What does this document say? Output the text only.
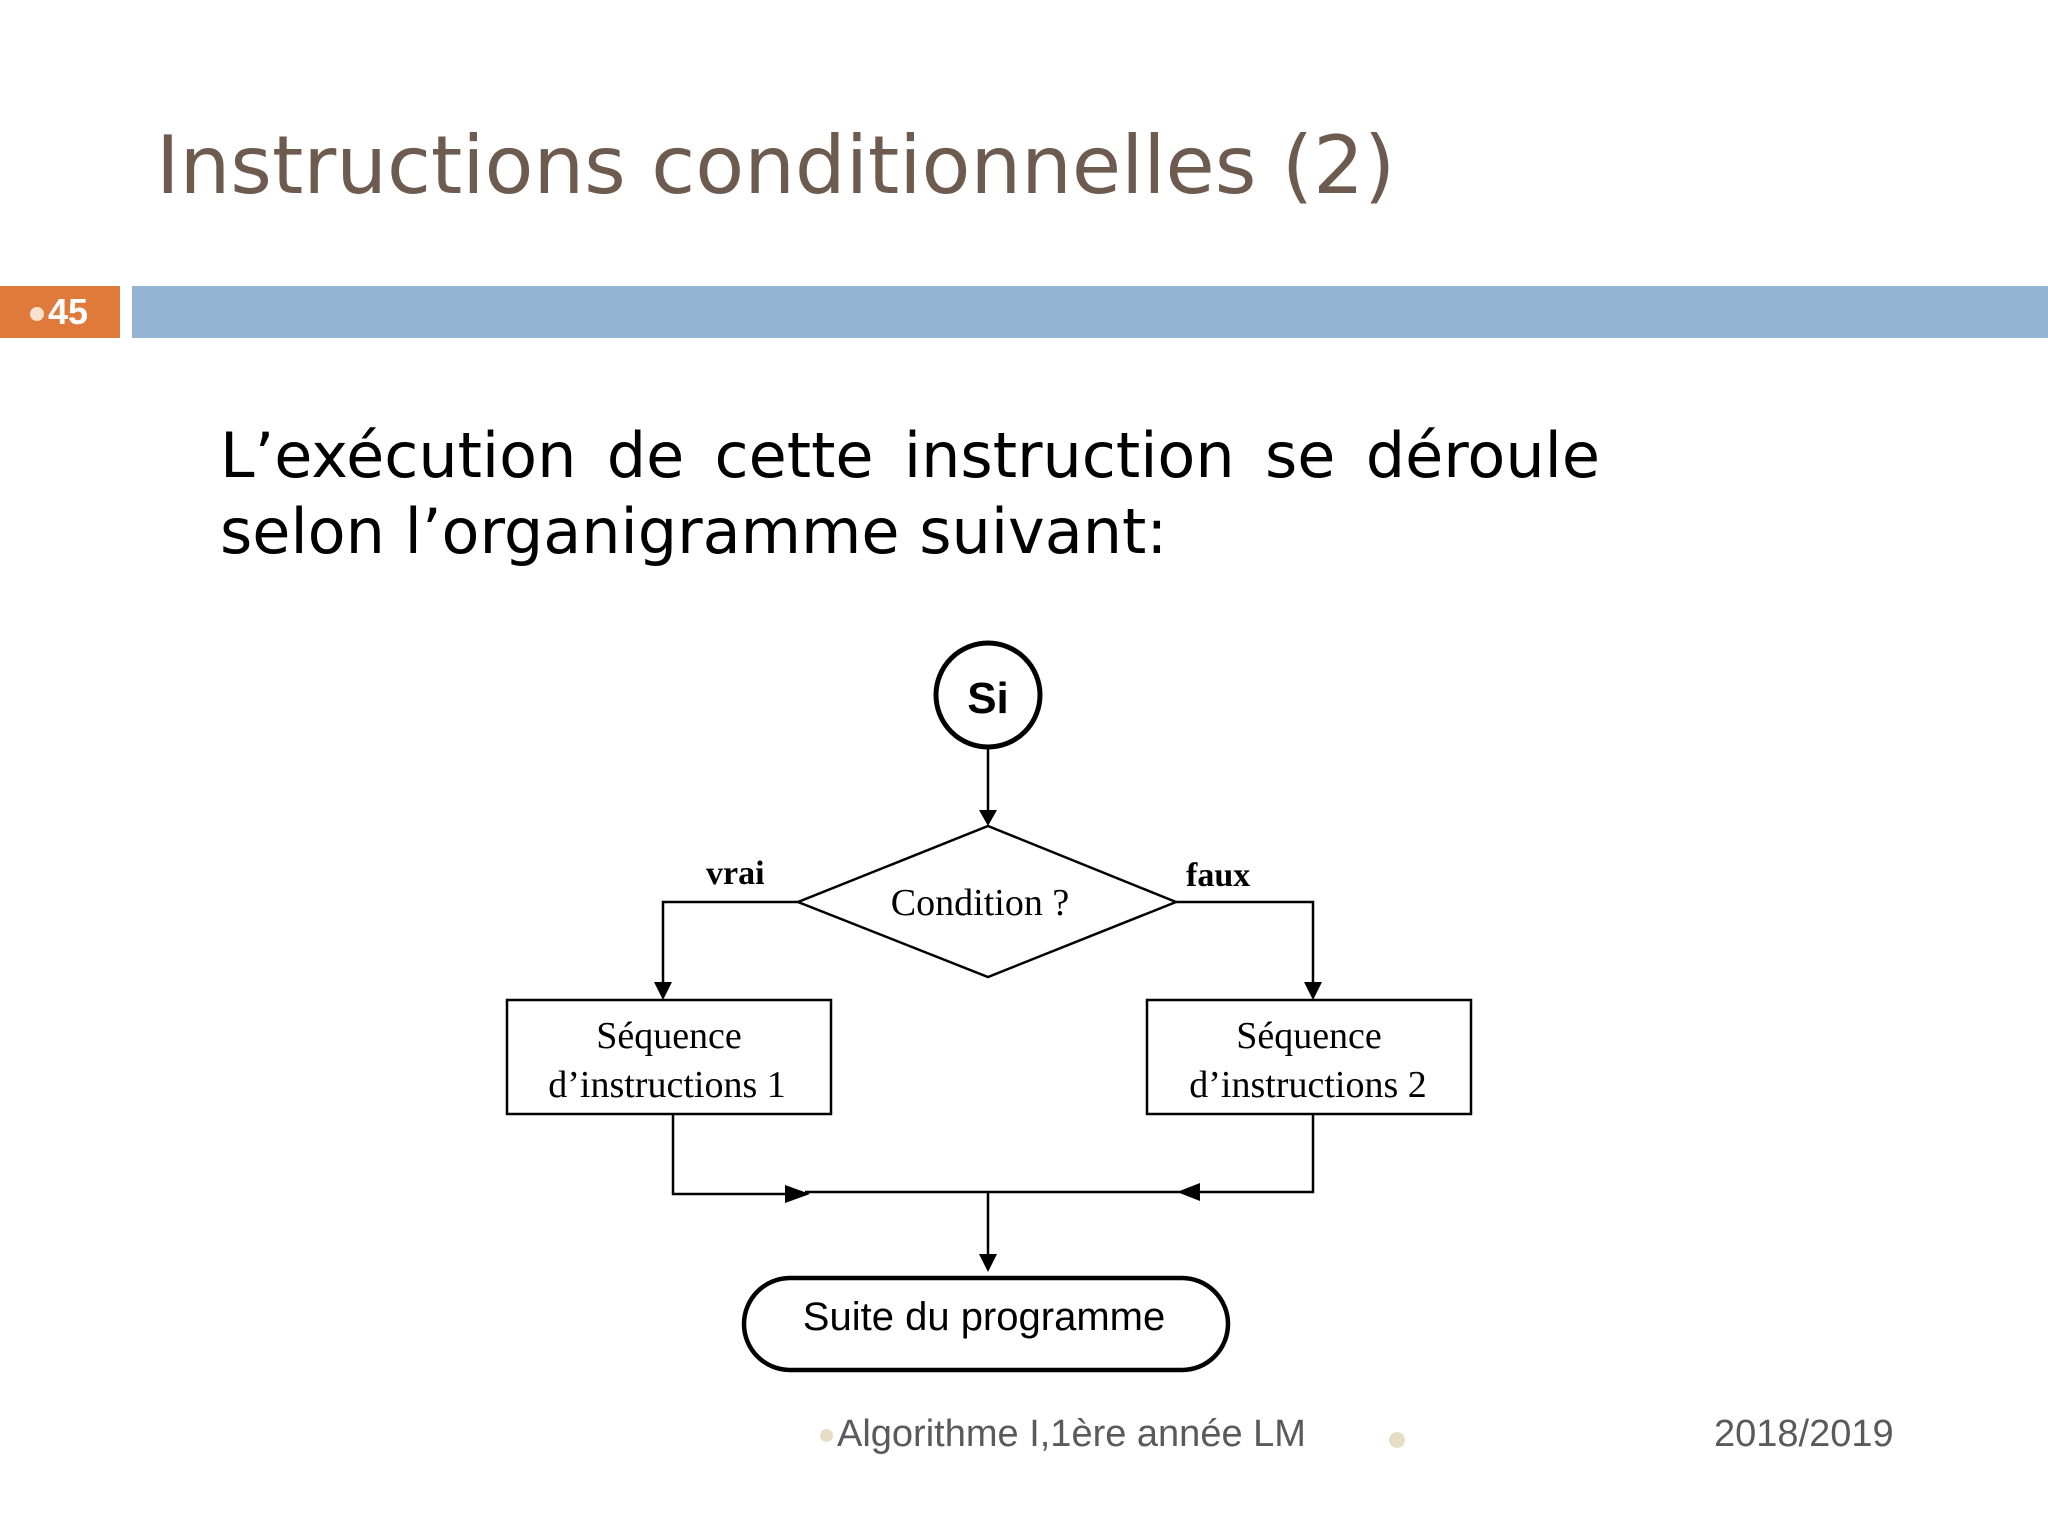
Instructions conditionnelles (2)
45

L’exécution de cette instruction se déroule selon l’organigramme suivant:

Si
Condition ?
vrai	faux
Séquence
d’instructions 1
Séquence
d’instructions 2
Suite du programme
Algorithme I,1ère année LM	2018/2019
